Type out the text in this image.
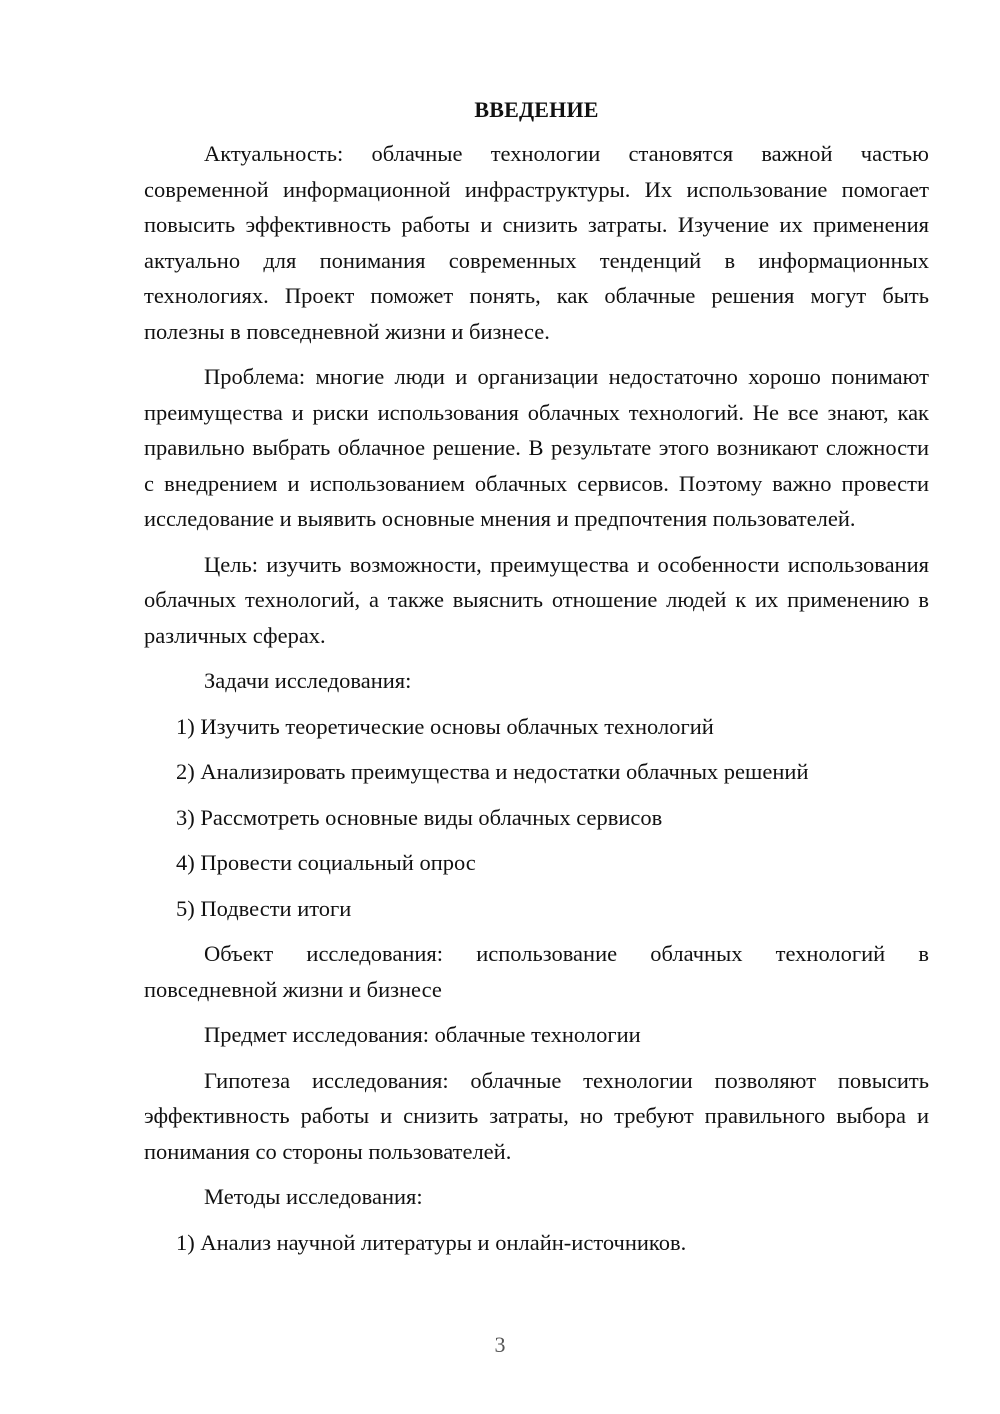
ВВЕДЕНИЕ

Актуальность: облачные технологии становятся важной частью современной информационной инфраструктуры. Их использование помогает повысить эффективность работы и снизить затраты. Изучение их применения актуально для понимания современных тенденций в информационных технологиях. Проект поможет понять, как облачные решения могут быть полезны в повседневной жизни и бизнесе.

Проблема: многие люди и организации недостаточно хорошо понимают преимущества и риски использования облачных технологий. Не все знают, как правильно выбрать облачное решение. В результате этого возникают сложности с внедрением и использованием облачных сервисов. Поэтому важно провести исследование и выявить основные мнения и предпочтения пользователей.

Цель: изучить возможности, преимущества и особенности использования облачных технологий, а также выяснить отношение людей к их применению в различных сферах.

Задачи исследования:

1) Изучить теоретические основы облачных технологий
2) Анализировать преимущества и недостатки облачных решений
3) Рассмотреть основные виды облачных сервисов
4) Провести социальный опрос
5) Подвести итоги

Объект исследования: использование облачных технологий в повседневной жизни и бизнесе

Предмет исследования: облачные технологии

Гипотеза исследования: облачные технологии позволяют повысить эффективность работы и снизить затраты, но требуют правильного выбора и понимания со стороны пользователей.

Методы исследования:

1) Анализ научной литературы и онлайн-источников.
3
